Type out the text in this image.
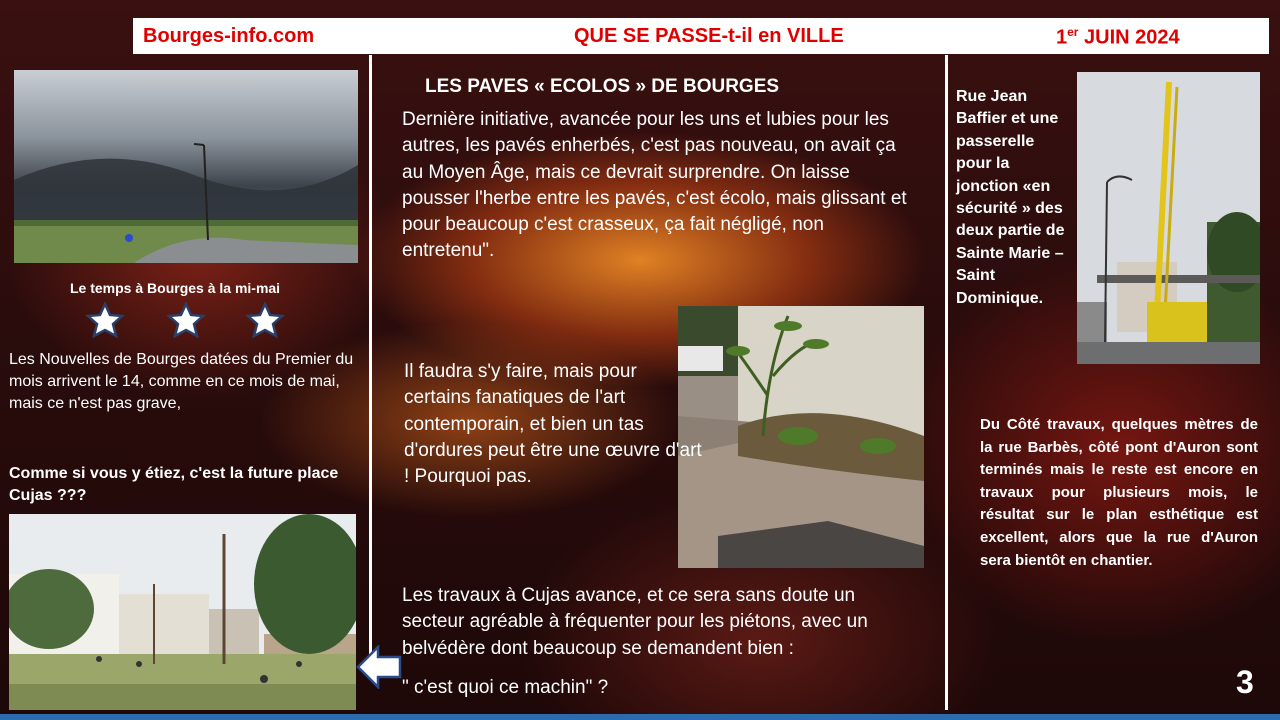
Bourges-info.com	QUE SE PASSE-t-il en VILLE	1er JUIN 2024

Le temps à Bourges à la mi-mai

Les Nouvelles de Bourges datées du Premier du mois arrivent le 14, comme en ce mois de mai, mais ce n'est pas grave,

Comme si vous y étiez, c'est la future place Cujas ???

LES PAVES « ECOLOS » DE BOURGES

Dernière initiative, avancée pour les uns et lubies pour les autres, les pavés enherbés, c'est pas nouveau, on avait ça au Moyen Âge, mais ce devrait surprendre. On laisse pousser l'herbe entre les pavés, c'est écolo, mais glissant et pour beaucoup c'est crasseux, ça fait négligé, non entretenu".

Il faudra s'y faire, mais pour certains fanatiques de l'art contemporain, et bien un tas d'ordures peut être une œuvre d'art ! Pourquoi pas.

Les travaux à Cujas avance, et ce sera sans doute un secteur agréable à fréquenter pour les piétons, avec un belvédère dont beaucoup se demandent bien :

" c'est quoi ce machin" ?

Rue Jean Baffier et une passerelle pour la jonction «en sécurité » des deux partie de Sainte Marie – Saint Dominique.

Du Côté travaux, quelques mètres de la rue Barbès, côté pont d'Auron sont terminés mais le reste est encore en travaux pour plusieurs mois, le résultat sur le plan esthétique est excellent, alors que la rue d'Auron sera bientôt en chantier.

3
